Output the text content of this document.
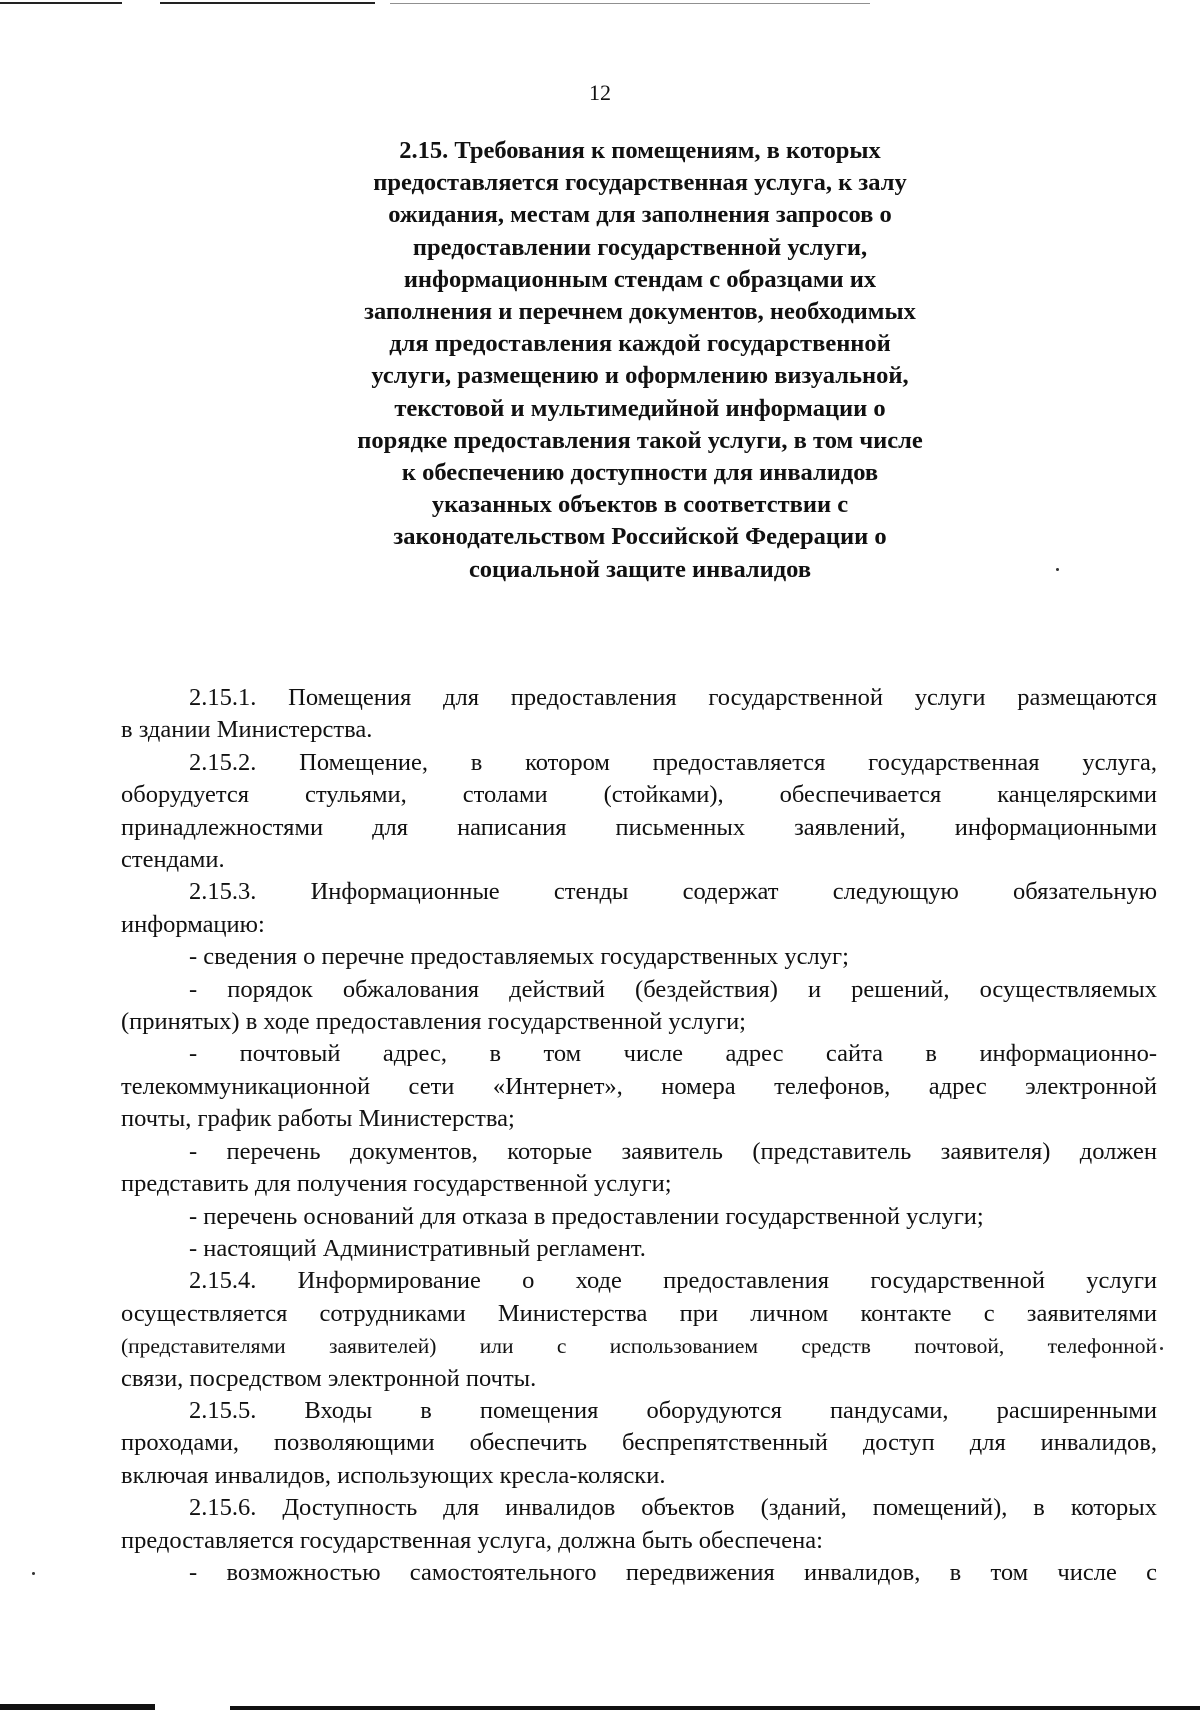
12
2.15. Требования к помещениям, в которых
предоставляется государственная услуга, к залу
ожидания, местам для заполнения запросов о
предоставлении государственной услуги,
информационным стендам с образцами их
заполнения и перечнем документов, необходимых
для предоставления каждой государственной
услуги, размещению и оформлению визуальной,
текстовой и мультимедийной информации о
порядке предоставления такой услуги, в том числе
к обеспечению доступности для инвалидов
указанных объектов в соответствии с
законодательством Российской Федерации о
социальной защите инвалидов
2.15.1. Помещения для предоставления государственной услуги размещаются
в здании Министерства.
2.15.2. Помещение, в котором предоставляется государственная услуга,
оборудуется стульями, столами (стойками), обеспечивается канцелярскими
принадлежностями для написания письменных заявлений, информационными
стендами.
2.15.3. Информационные стенды содержат следующую обязательную
информацию:
- сведения о перечне предоставляемых государственных услуг;
- порядок обжалования действий (бездействия) и решений, осуществляемых
(принятых) в ходе предоставления государственной услуги;
- почтовый адрес, в том числе адрес сайта в информационно-
телекоммуникационной сети «Интернет», номера телефонов, адрес электронной
почты, график работы Министерства;
- перечень документов, которые заявитель (представитель заявителя) должен
представить для получения государственной услуги;
- перечень оснований для отказа в предоставлении государственной услуги;
- настоящий Административный регламент.
2.15.4. Информирование о ходе предоставления государственной услуги
осуществляется сотрудниками Министерства при личном контакте с заявителями
(представителями заявителей) или с использованием средств почтовой, телефонной
связи, посредством электронной почты.
2.15.5. Входы в помещения оборудуются пандусами, расширенными
проходами, позволяющими обеспечить беспрепятственный доступ для инвалидов,
включая инвалидов, использующих кресла-коляски.
2.15.6. Доступность для инвалидов объектов (зданий, помещений), в которых
предоставляется государственная услуга, должна быть обеспечена:
- возможностью самостоятельного передвижения инвалидов, в том числе с
